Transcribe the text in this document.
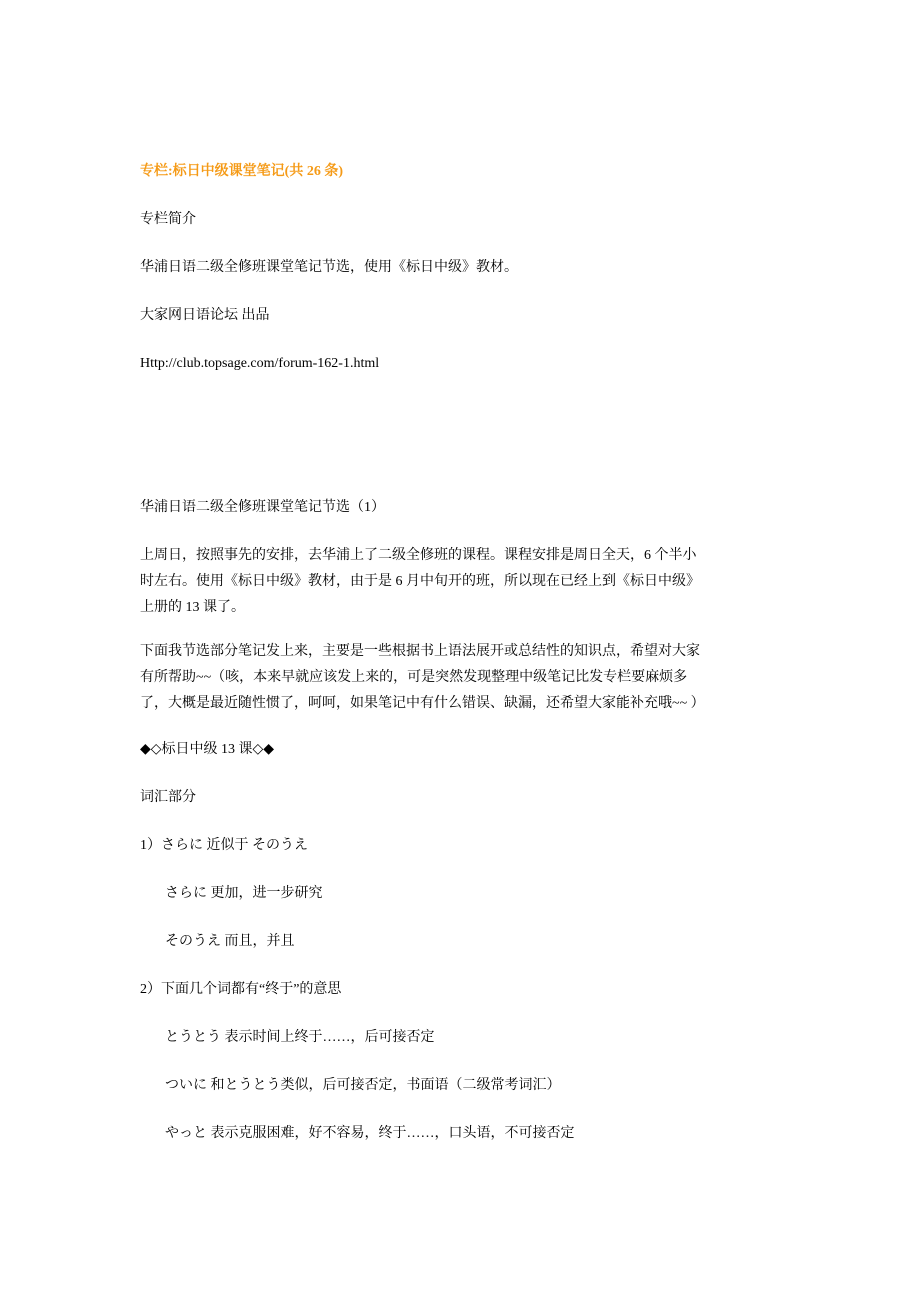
专栏:标日中级课堂笔记(共 26 条)
专栏简介
华浦日语二级全修班课堂笔记节选，使用《标日中级》教材。
大家网日语论坛 出品
Http://club.topsage.com/forum-162-1.html
华浦日语二级全修班课堂笔记节选（1）
上周日，按照事先的安排，去华浦上了二级全修班的课程。课程安排是周日全天，6 个半小
时左右。使用《标日中级》教材，由于是 6 月中旬开的班，所以现在已经上到《标日中级》
上册的 13 课了。
下面我节选部分笔记发上来，主要是一些根据书上语法展开或总结性的知识点，希望对大家
有所帮助~~（咳，本来早就应该发上来的，可是突然发现整理中级笔记比发专栏要麻烦多
了，大概是最近随性惯了，呵呵，如果笔记中有什么错误、缺漏，还希望大家能补充哦~~ ）
◆◇标日中级 13 课◇◆
词汇部分
1）さらに 近似于 そのうえ
さらに 更加，进一步研究
そのうえ 而且，并且
2）下面几个词都有“终于”的意思
とうとう 表示时间上终于……，后可接否定
ついに 和とうとう类似，后可接否定，书面语（二级常考词汇）
やっと 表示克服困难，好不容易，终于……，口头语，不可接否定
